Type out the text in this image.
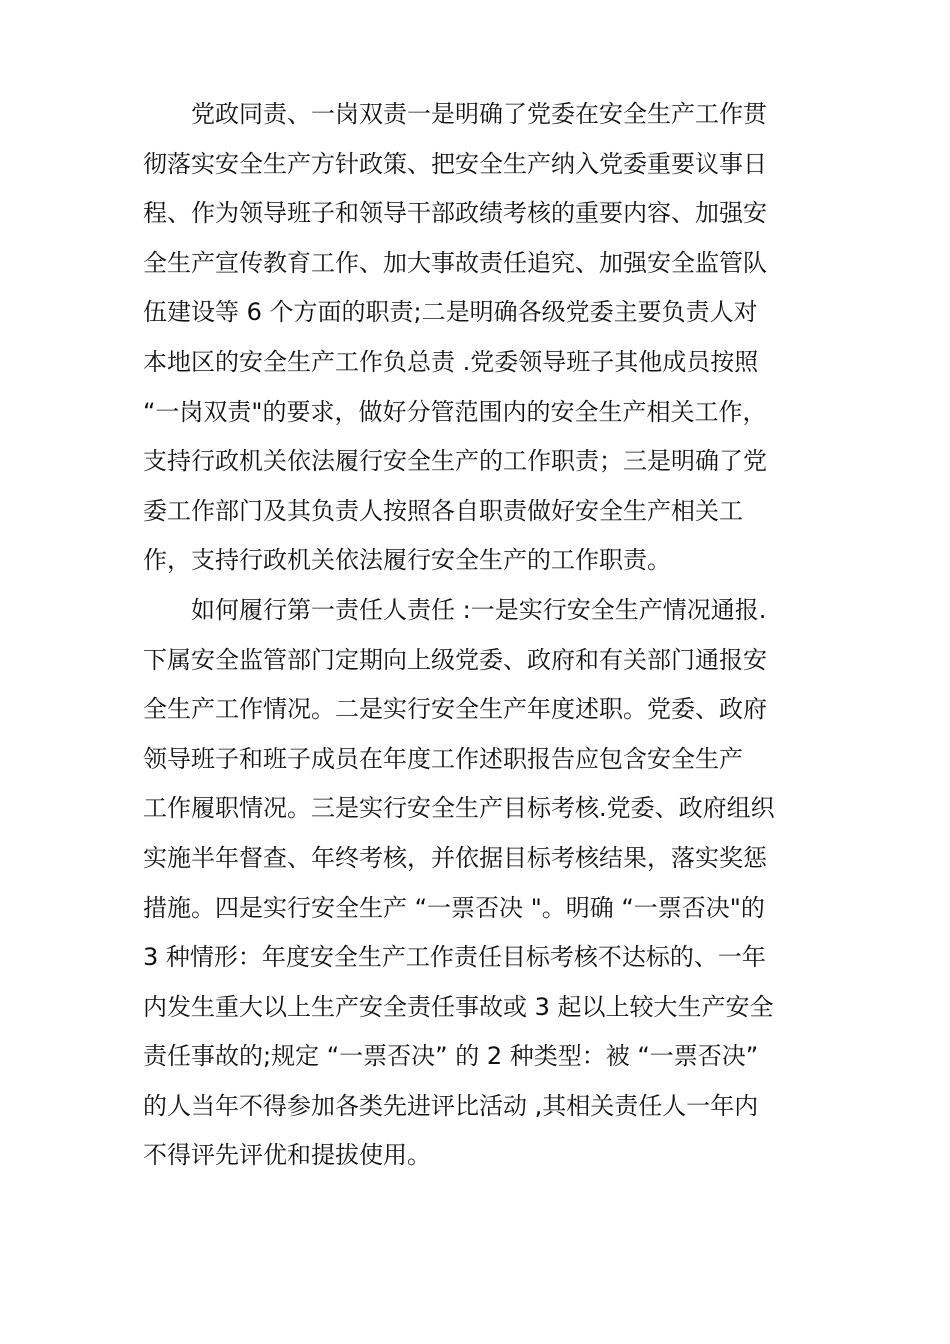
党政同责、一岗双责一是明确了党委在安全生产工作贯
彻落实安全生产方针政策、把安全生产纳入党委重要议事日
程、作为领导班子和领导干部政绩考核的重要内容、加强安
全生产宣传教育工作、加大事故责任追究、加强安全监管队
伍建设等 6 个方面的职责;二是明确各级党委主要负责人对
本地区的安全生产工作负总责 .党委领导班子其他成员按照
“一岗双责"的要求，做好分管范围内的安全生产相关工作，
支持行政机关依法履行安全生产的工作职责；三是明确了党
委工作部门及其负责人按照各自职责做好安全生产相关工
作，支持行政机关依法履行安全生产的工作职责。
如何履行第一责任人责任 :一是实行安全生产情况通报.
下属安全监管部门定期向上级党委、政府和有关部门通报安
全生产工作情况。二是实行安全生产年度述职。党委、政府
领导班子和班子成员在年度工作述职报告应包含安全生产
工作履职情况。三是实行安全生产目标考核.党委、政府组织
实施半年督查、年终考核，并依据目标考核结果，落实奖惩
措施。四是实行安全生产 “一票否决 "。明确 “一票否决"的
3 种情形：年度安全生产工作责任目标考核不达标的、一年
内发生重大以上生产安全责任事故或 3 起以上较大生产安全
责任事故的;规定 “一票否决” 的 2 种类型：被 “一票否决”
的人当年不得参加各类先进评比活动 ,其相关责任人一年内
不得评先评优和提拔使用。
